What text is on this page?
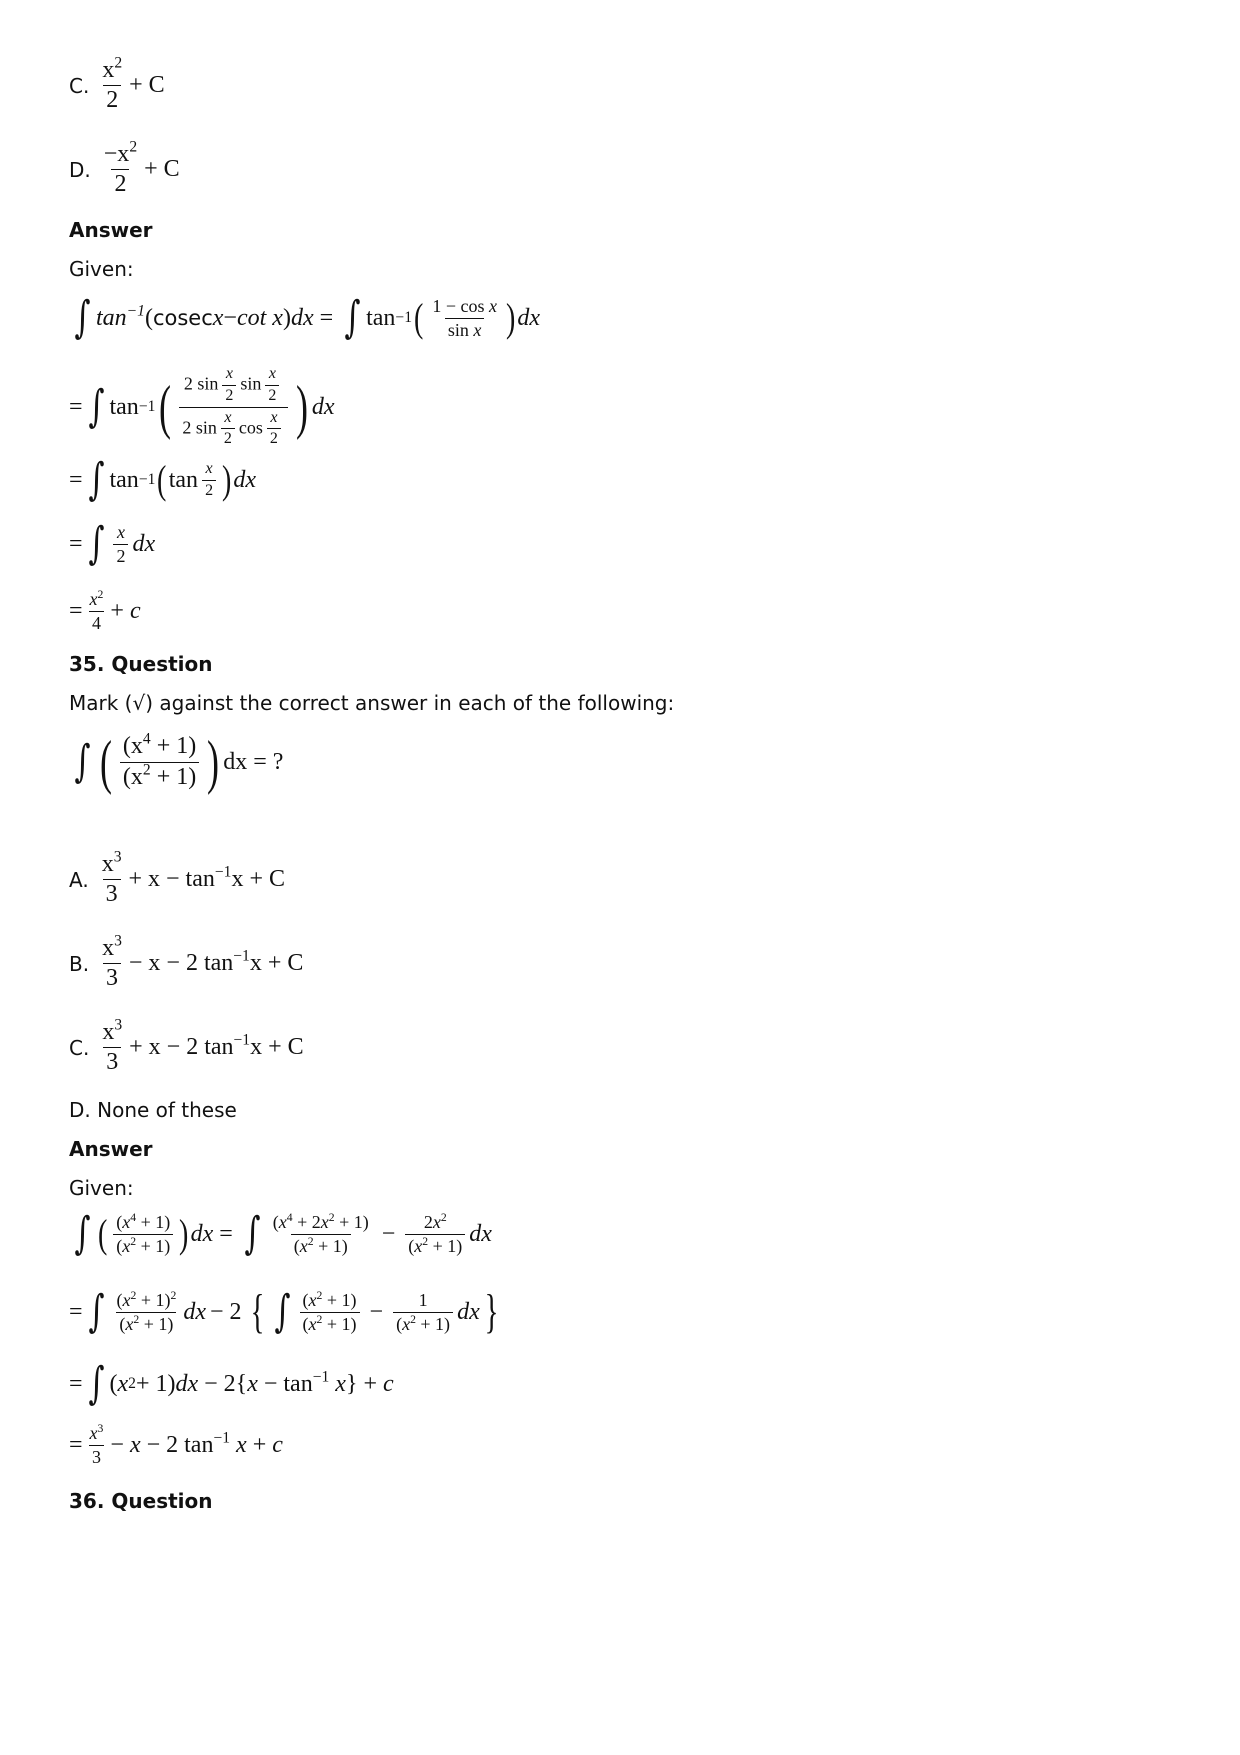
C. $\frac{x^2}{2} + C$
D. $\frac{-x^2}{2} + C$
Answer
Given:
∫ $\tan^{-1}$ ( cosec x − cot x ) dx = ∫ tan −1 ( $\frac{\text{1 − cos x}}{\text{sin x}}$ ) dx
= ∫ tan −1 ( $\frac{2 \sin \frac{x}{2} \sin \frac{x}{2}}{2 \sin \frac{x}{2} \cos \frac{x}{2}}$ ) dx
= ∫ tan −1 ( $\tan \frac{x}{2}$ ) dx
= ∫ $\frac{x}{2}$ dx
= $\frac{x^2}{4} + c$
35. Question
Mark (√) against the correct answer in each of the following:
∫ ( $\frac{(x^4 + 1)}{(x^2 + 1)}$ ) dx = ?
A. $\frac{x^3}{3} + x - \tan^{-1}x + C$
B. $\frac{x^3}{3} - x - 2$ $\tan^{-1}x + C$
C. $\frac{x^3}{3} + x - 2$ $\tan^{-1}x + C$
D. None of these
Answer
Given:
∫ ( $\frac{(x^4 + 1)}{(x^2 + 1)}$ ) dx = ∫ $\frac{(x^4 + 2x^2 + 1)}{(x^2 + 1)} - \frac{2x^2}{(x^2 + 1)}$ dx
= ∫ $\frac{(x^2 + 1)^2}{(x^2 + 1)}$ dx − 2 { ∫ $\frac{(x^2 + 1)}{(x^2 + 1)} - \frac{1}{(x^2 + 1)}$ dx }
= ∫ ( x 2 + 1) dx − $2\{x - \tan^{-1} x\} + c$
= $\frac{x^3}{3} - x - 2$ $\tan^{-1} x + c$
36. Question
